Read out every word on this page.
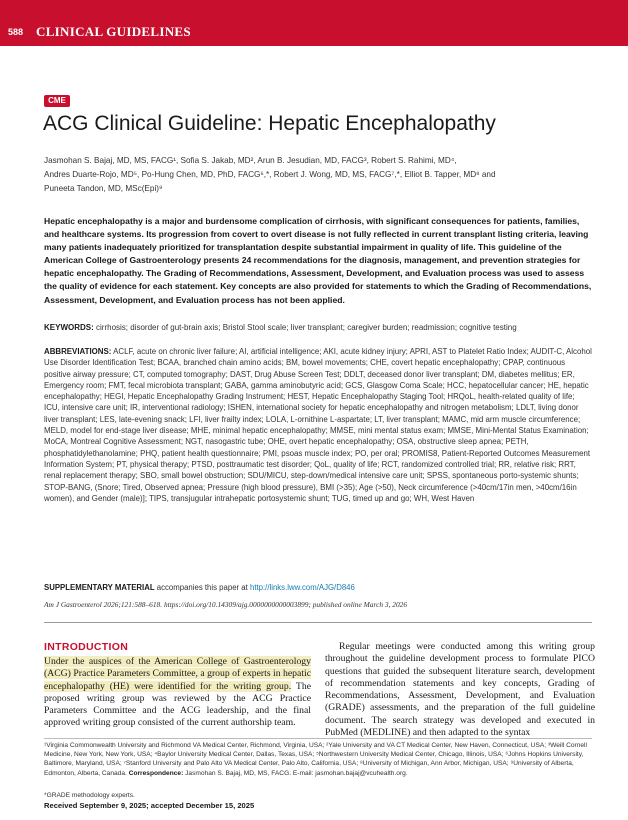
588 CLINICAL GUIDELINES
CME
ACG Clinical Guideline: Hepatic Encephalopathy

Jasmohan S. Bajaj, MD, MS, FACG¹, Sofia S. Jakab, MD², Arun B. Jesudian, MD, FACG³, Robert S. Rahimi, MD⁴,

Andres Duarte-Rojo, MD⁵, Po-Hung Chen, MD, PhD, FACG⁶,*, Robert J. Wong, MD, MS, FACG⁷,*, Elliot B. Tapper, MD⁸ and

Puneeta Tandon, MD, MSc(Epi)⁹

Hepatic encephalopathy is a major and burdensome complication of cirrhosis, with significant consequences for patients, families, and healthcare systems. Its progression from covert to overt disease is not fully reflected in current transplant listing criteria, leaving many patients inadequately prioritized for transplantation despite substantial impairment in quality of life. This guideline of the American College of Gastroenterology presents 24 recommendations for the diagnosis, management, and prevention strategies for hepatic encephalopathy. The Grading of Recommendations, Assessment, Development, and Evaluation process was used to assess the quality of evidence for each statement. Key concepts are also provided for statements to which the Grading of Recommendations, Assessment, Development, and Evaluation process has not been applied.

KEYWORDS: cirrhosis; disorder of gut-brain axis; Bristol Stool scale; liver transplant; caregiver burden; readmission; cognitive testing

ABBREVIATIONS: ACLF, acute on chronic liver failure; AI, artificial intelligence; AKI, acute kidney injury; APRI, AST to Platelet Ratio Index; AUDIT-C, Alcohol Use Disorder Identification Test; BCAA, branched chain amino acids; BM, bowel movements; CHE, covert hepatic encephalopathy; CPAP, continuous positive airway pressure; CT, computed tomography; DAST, Drug Abuse Screen Test; DDLT, deceased donor liver transplant; DM, diabetes mellitus; ER, Emergency room; FMT, fecal microbiota transplant; GABA, gamma aminobutyric acid; GCS, Glasgow Coma Scale; HCC, hepatocellular cancer; HE, hepatic encephalopathy; HEGI, Hepatic Encephalopathy Grading Instrument; HEST, Hepatic Encephalopathy Staging Tool; HRQoL, health-related quality of life; ICU, intensive care unit; IR, interventional radiology; ISHEN, international society for hepatic encephalopathy and nitrogen metabolism; LDLT, living donor liver transplant; LES, late-evening snack; LFI, liver frailty index; LOLA, L-ornithine L-aspartate; LT, liver transplant; MAMC, mid arm muscle circumference; MELD, model for end-stage liver disease; MHE, minimal hepatic encephalopathy; MMSE, mini mental status exam; MMSE, Mini-Mental Status Examination; MoCA, Montreal Cognitive Assessment; NGT, nasogastric tube; OHE, overt hepatic encephalopathy; OSA, obstructive sleep apnea; PETH, phosphatidylethanolamine; PHQ, patient health questionnaire; PMI, psoas muscle index; PO, per oral; PROMIS8, Patient-Reported Outcomes Measurement Information System; PT, physical therapy; PTSD, posttraumatic test disorder; QoL, quality of life; RCT, randomized controlled trial; RR, relative risk; RRT, renal replacement therapy; SBO, small bowel obstruction; SDU/MICU, step-down/medical intensive care unit; SPSS, spontaneous porto-systemic shunts; STOP-BANG, (Snore; Tired, Observed apnea; Pressure (high blood pressure), BMI (>35); Age (>50), Neck circumference (>40cm/17in men, >40cm/16in women), and Gender (male)]; TIPS, transjugular intrahepatic portosystemic shunt; TUG, timed up and go; WH, West Haven

SUPPLEMENTARY MATERIAL accompanies this paper at http://links.lww.com/AJG/D846

Am J Gastroenterol 2026;121:588–618. https://doi.org/10.14309/ajg.0000000000003899; published online March 3, 2026

INTRODUCTION

Under the auspices of the American College of Gastroenterology (ACG) Practice Parameters Committee, a group of experts in hepatic encephalopathy (HE) were identified for the writing group. The proposed writing group was reviewed by the ACG Practice Parameters Committee and the ACG leadership, and the final approved writing group consisted of the current authorship team.

Regular meetings were conducted among this writing group throughout the guideline development process to formulate PICO questions that guided the subsequent literature search, development of recommendation statements and key concepts, Grading of Recommendations, Assessment, Development, and Evaluation (GRADE) assessments, and the preparation of the full guideline document. The search strategy was developed and executed in PubMed (MEDLINE) and then adapted to the syntax

¹Virginia Commonwealth University and Richmond VA Medical Center, Richmond, Virginia, USA; ²Yale University and VA CT Medical Center, New Haven, Connecticut, USA; ³Weill Cornell Medicine, New York, New York, USA; ⁴Baylor University Medical Center, Dallas, Texas, USA; ⁵Northwestern University Medical Center, Chicago, Illinois, USA; ⁶Johns Hopkins University, Baltimore, Maryland, USA; ⁷Stanford University and Palo Alto VA Medical Center, Palo Alto, California, USA; ⁸University of Michigan, Ann Arbor, Michigan, USA; ⁹University of Alberta, Edmonton, Alberta, Canada. Correspondence: Jasmohan S. Bajaj, MD, MS, FACG. E-mail: jasmohan.bajaj@vcuhealth.org.

*GRADE methodology experts.

Received September 9, 2025; accepted December 15, 2025
